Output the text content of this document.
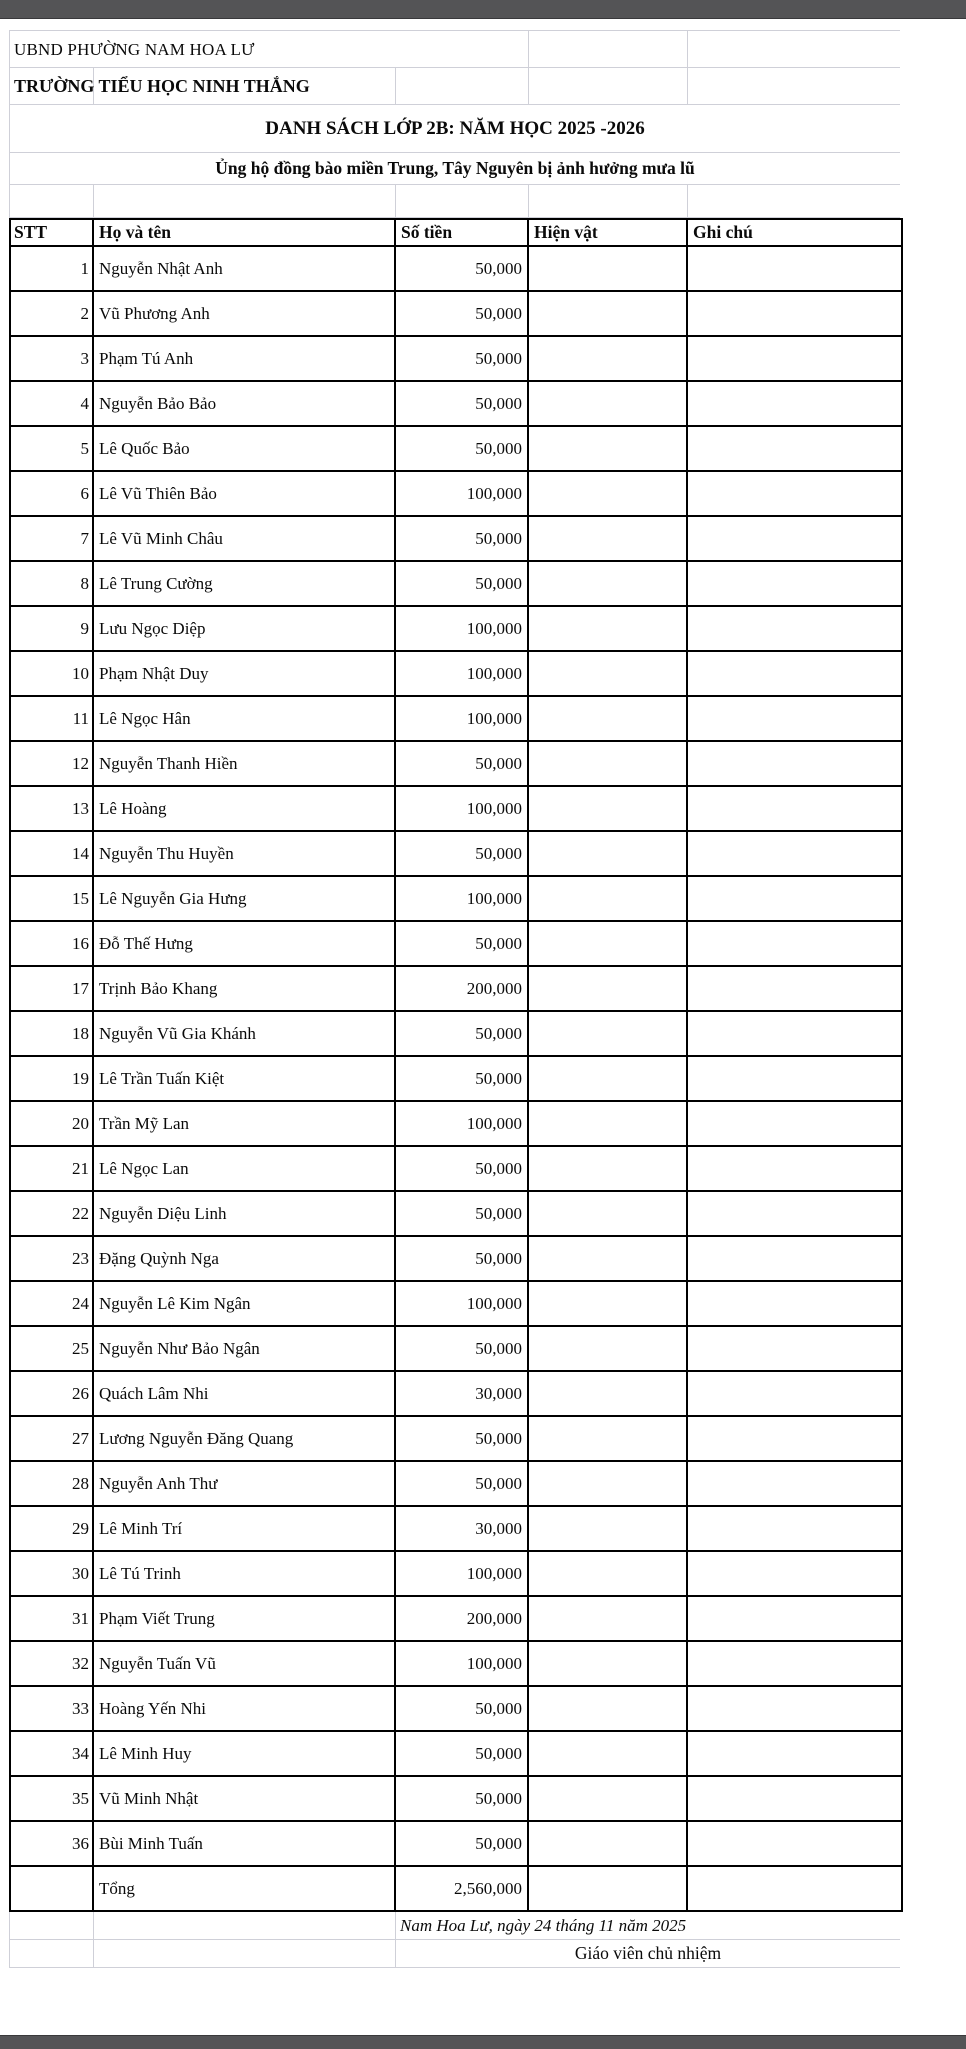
UBND PHƯỜNG NAM HOA LƯ
TRƯỜNG TIỂU HỌC NINH THẮNG
DANH SÁCH LỚP 2B: NĂM HỌC 2025 -2026
Ủng hộ đồng bào miền Trung, Tây Nguyên bị ảnh hưởng mưa lũ
STT	Họ và tên	Số tiền	Hiện vật	Ghi chú
1 Nguyễn Nhật Anh	50,000
2 Vũ Phương Anh	50,000
3 Phạm Tú Anh	50,000
4 Nguyễn Bảo Bảo	50,000
5 Lê Quốc Bảo	50,000
6 Lê Vũ Thiên Bảo	100,000
7 Lê Vũ Minh Châu	50,000
8 Lê Trung Cường	50,000
9 Lưu Ngọc Diệp	100,000
10 Phạm Nhật Duy	100,000
11 Lê Ngọc Hân	100,000
12 Nguyễn Thanh Hiền	50,000
13 Lê Hoàng	100,000
14 Nguyễn Thu Huyền	50,000
15 Lê Nguyễn Gia Hưng	100,000
16 Đỗ Thế Hưng	50,000
17 Trịnh Bảo Khang	200,000
18 Nguyễn Vũ Gia Khánh	50,000
19 Lê Trần Tuấn Kiệt	50,000
20 Trần Mỹ Lan	100,000
21 Lê Ngọc Lan	50,000
22 Nguyễn Diệu Linh	50,000
23 Đặng Quỳnh Nga	50,000
24 Nguyễn Lê Kim Ngân	100,000
25 Nguyễn Như Bảo Ngân	50,000
26 Quách Lâm Nhi	30,000
27 Lương Nguyễn Đăng Quang	50,000
28 Nguyễn Anh Thư	50,000
29 Lê Minh Trí	30,000
30 Lê Tú Trinh	100,000
31 Phạm Viết Trung	200,000
32 Nguyễn Tuấn Vũ	100,000
33 Hoàng Yến Nhi	50,000
34 Lê Minh Huy	50,000
35 Vũ Minh Nhật	50,000
36 Bùi Minh Tuấn	50,000
Tổng	2,560,000
Nam Hoa Lư, ngày 24 tháng 11 năm 2025
Giáo viên chủ nhiệm
